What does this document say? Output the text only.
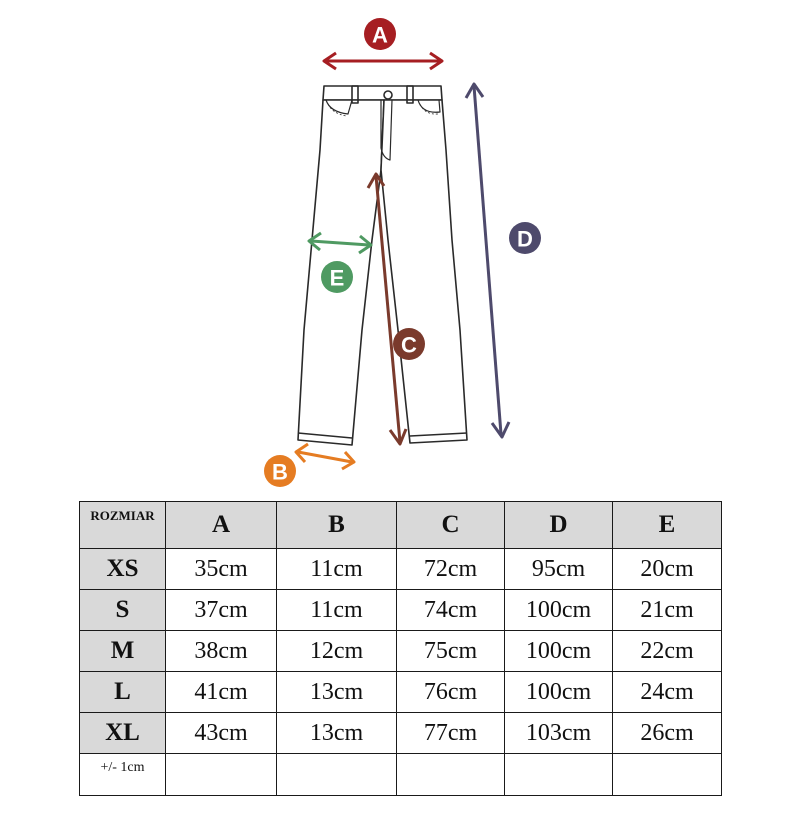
A
B
C
D
E
ROZMIAR	A	B	C	D	E
XS	35cm	11cm	72cm	95cm	20cm
S	37cm	11cm	74cm	100cm	21cm
M	38cm	12cm	75cm	100cm	22cm
L	41cm	13cm	76cm	100cm	24cm
XL	43cm	13cm	77cm	103cm	26cm
+/- 1cm					
